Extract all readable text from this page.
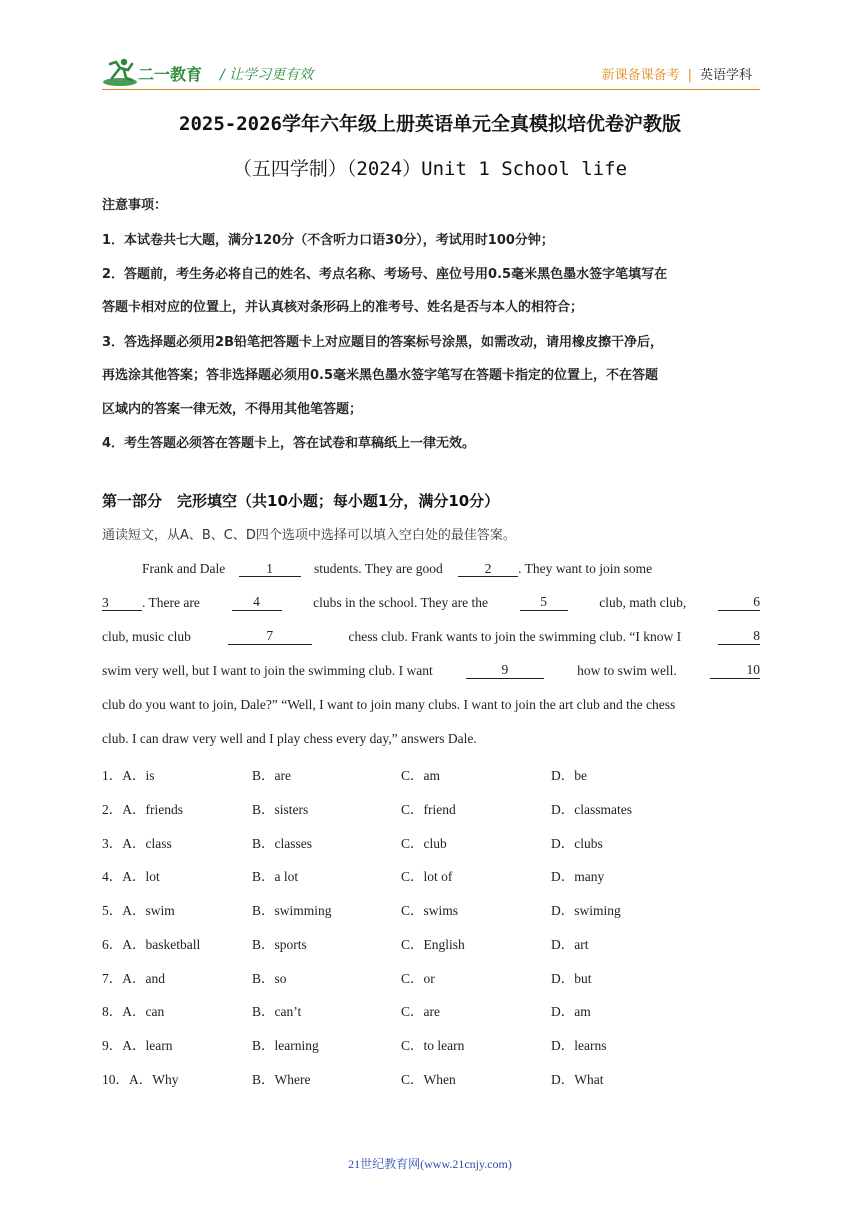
二一教育 / 让学习更有效	新课备课备考 | 英语学科
2025-2026学年六年级上册英语单元全真模拟培优卷沪教版
（五四学制）（2024）Unit 1 School life
注意事项：
1．本试卷共七大题，满分120分（不含听力口语30分），考试用时100分钟；
2．答题前，考生务必将自己的姓名、考点名称、考场号、座位号用0.5毫米黑色墨水签字笔填写在
答题卡相对应的位置上，并认真核对条形码上的准考号、姓名是否与本人的相符合；
3．答选择题必须用2B铅笔把答题卡上对应题目的答案标号涂黑，如需改动，请用橡皮擦干净后，
再选涂其他答案；答非选择题必须用0.5毫米黑色墨水签字笔写在答题卡指定的位置上，不在答题
区域内的答案一律无效，不得用其他笔答题；
4．考生答题必须答在答题卡上，答在试卷和草稿纸上一律无效。
第一部分　完形填空（共10小题；每小题1分，满分10分）
通读短文，从A、B、C、D四个选项中选择可以填入空白处的最佳答案。
Frank and Dale	1	students. They are good	2 . They want to join some
3 . There are	4	clubs in the school. They are the	5	club, math club,	6
club, music club	7	chess club. Frank wants to join the swimming club. “I know I	8
swim very well, but I want to join the swimming club. I want	9	how to swim well.	10
club do you want to join, Dale?” “Well, I want to join many clubs. I want to join the art club and the chess
club. I can draw very well and I play chess every day,” answers Dale.
1．A．is	B．are	C．am	D．be
2．A．friends	B．sisters	C．friend	D．classmates
3．A．class	B．classes	C．club	D．clubs
4．A．lot	B．a lot	C．lot of	D．many
5．A．swim	B．swimming	C．swims	D．swiming
6．A．basketball	B．sports	C．English	D．art
7．A．and	B．so	C．or	D．but
8．A．can	B．can’t	C．are	D．am
9．A．learn	B．learning	C．to learn	D．learns
10．A．Why	B．Where	C．When	D．What
21世纪教育网(www.21cnjy.com)
